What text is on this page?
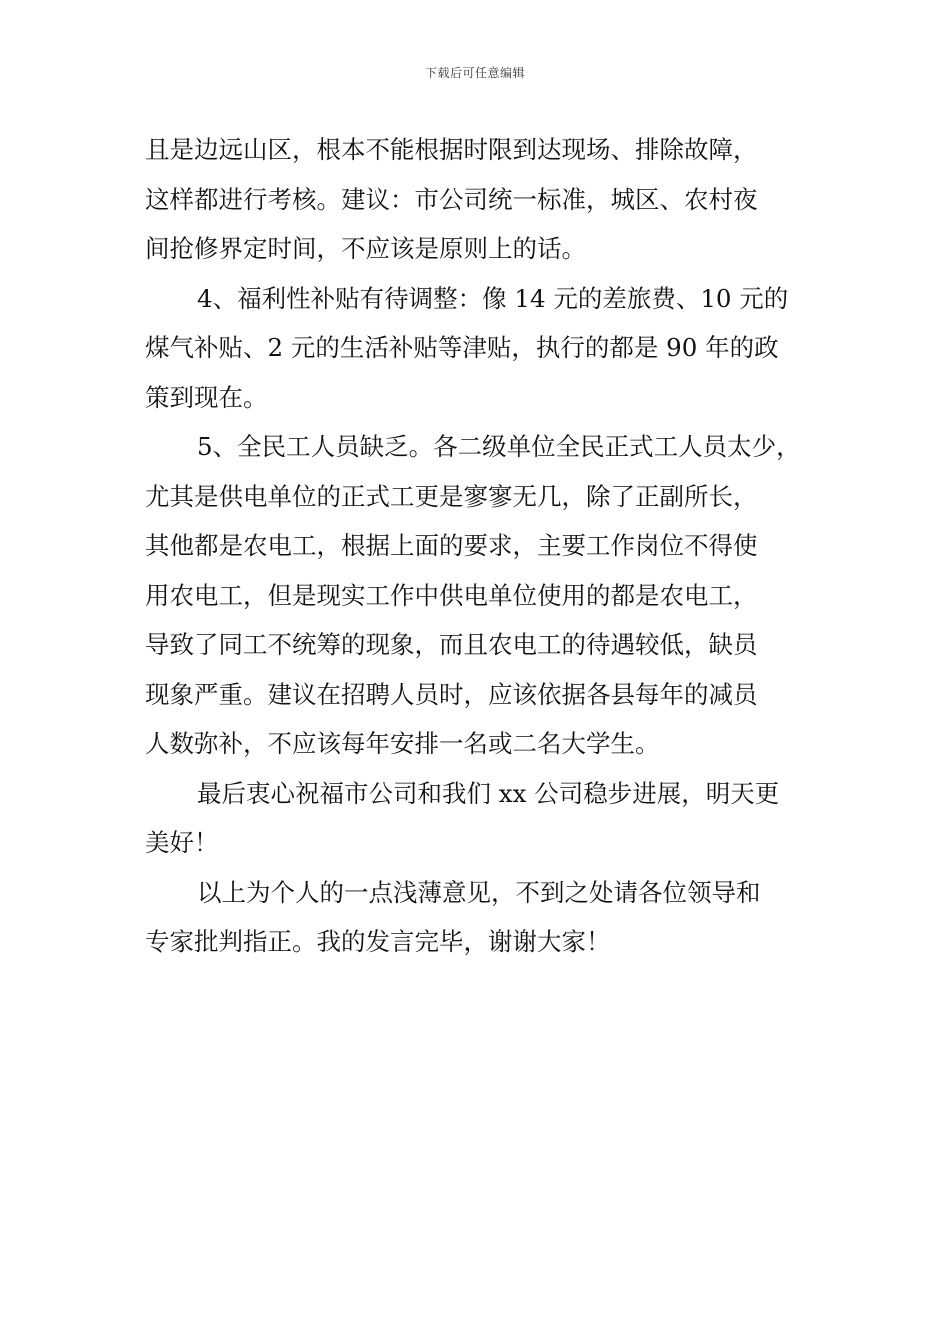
下载后可任意编辑
且是边远山区，根本不能根据时限到达现场、排除故障，
这样都进行考核。建议：市公司统一标准，城区、农村夜
间抢修界定时间，不应该是原则上的话。
4、福利性补贴有待调整：像 14 元的差旅费、10 元的
煤气补贴、2 元的生活补贴等津贴，执行的都是 90 年的政
策到现在。
5、全民工人员缺乏。各二级单位全民正式工人员太少，
尤其是供电单位的正式工更是寥寥无几，除了正副所长，
其他都是农电工，根据上面的要求，主要工作岗位不得使
用农电工，但是现实工作中供电单位使用的都是农电工，
导致了同工不统筹的现象，而且农电工的待遇较低，缺员
现象严重。建议在招聘人员时，应该依据各县每年的减员
人数弥补，不应该每年安排一名或二名大学生。
最后衷心祝福市公司和我们 xx 公司稳步进展，明天更
美好！
以上为个人的一点浅薄意见，不到之处请各位领导和
专家批判指正。我的发言完毕，谢谢大家！
